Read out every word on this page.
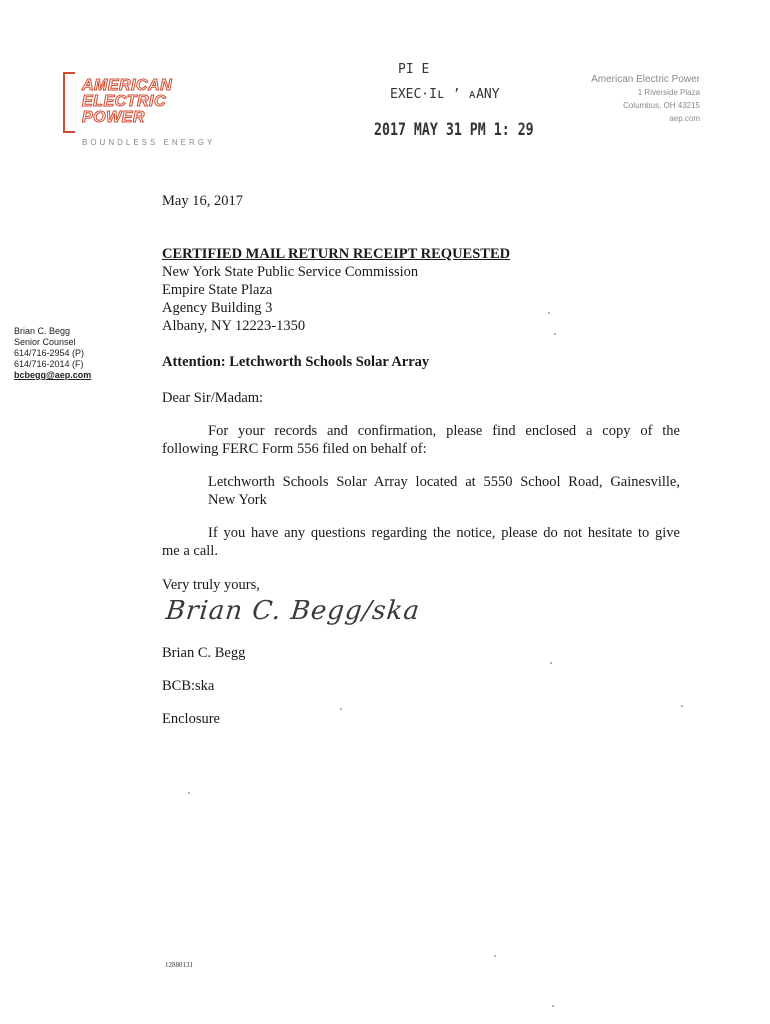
AMERICAN
ELECTRIC
POWER
BOUNDLESS ENERGY
PI E
EXEC·Iʟ ’ ᴀANY
2017 MAY 31 PM 1: 29
American Electric Power
1 Riverside Plaza
Columbus, OH 43215
aep.com
Brian C. Begg
Senior Counsel
614/716-2954 (P)
614/716-2014 (F)
bcbegg@aep.com
May 16, 2017
CERTIFIED MAIL RETURN RECEIPT REQUESTED
New York State Public Service Commission
Empire State Plaza
Agency Building 3
Albany, NY 12223-1350
Attention: Letchworth Schools Solar Array
Dear Sir/Madam:
For your records and confirmation, please find enclosed a copy of the
following FERC Form 556 filed on behalf of:
Letchworth Schools Solar Array located at 5550 School Road, Gainesville,
New York
If you have any questions regarding the notice, please do not hesitate to give
me a call.
Very truly yours,
Brian C. Begg/ska
Brian C. Begg
BCB:ska
Enclosure
12880131
